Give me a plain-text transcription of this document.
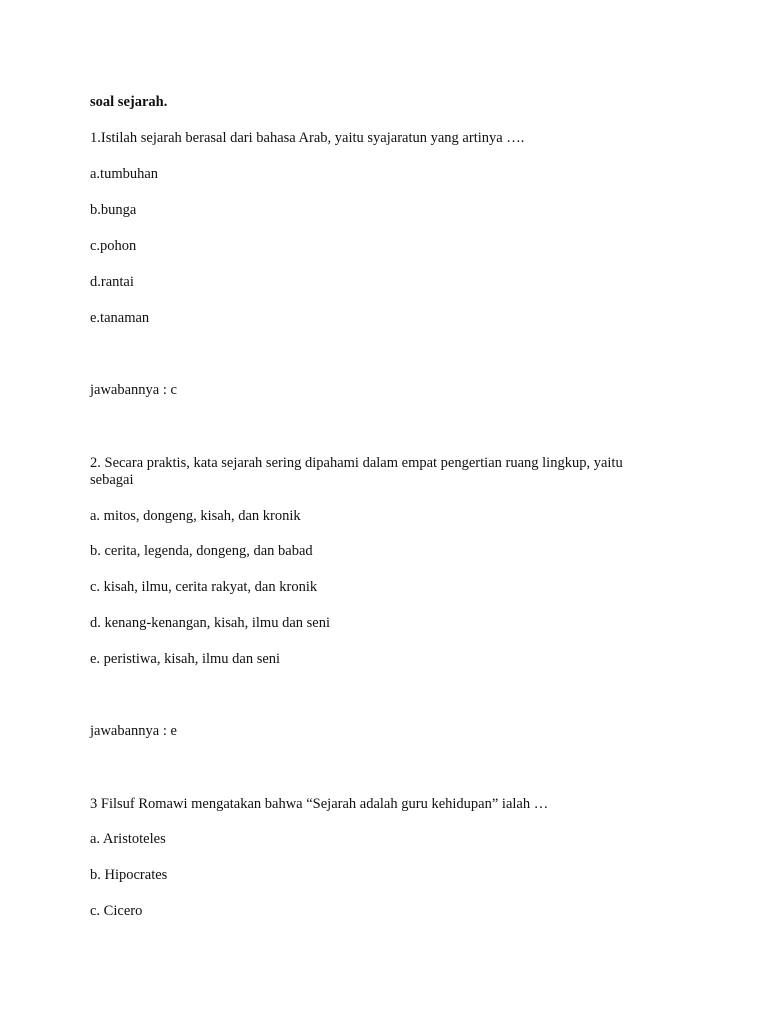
soal sejarah.
1.Istilah sejarah berasal dari bahasa Arab, yaitu syajaratun yang artinya ….
a.tumbuhan
b.bunga
c.pohon
d.rantai
e.tanaman
jawabannya : c
2. Secara praktis, kata sejarah sering dipahami dalam empat pengertian ruang lingkup, yaitu sebagai
a. mitos, dongeng, kisah, dan kronik
b. cerita, legenda, dongeng, dan babad
c. kisah, ilmu, cerita rakyat, dan kronik
d. kenang-kenangan, kisah, ilmu dan seni
e. peristiwa, kisah, ilmu dan seni
jawabannya : e
3 Filsuf Romawi mengatakan bahwa “Sejarah adalah guru kehidupan” ialah …
a. Aristoteles
b. Hipocrates
c. Cicero
